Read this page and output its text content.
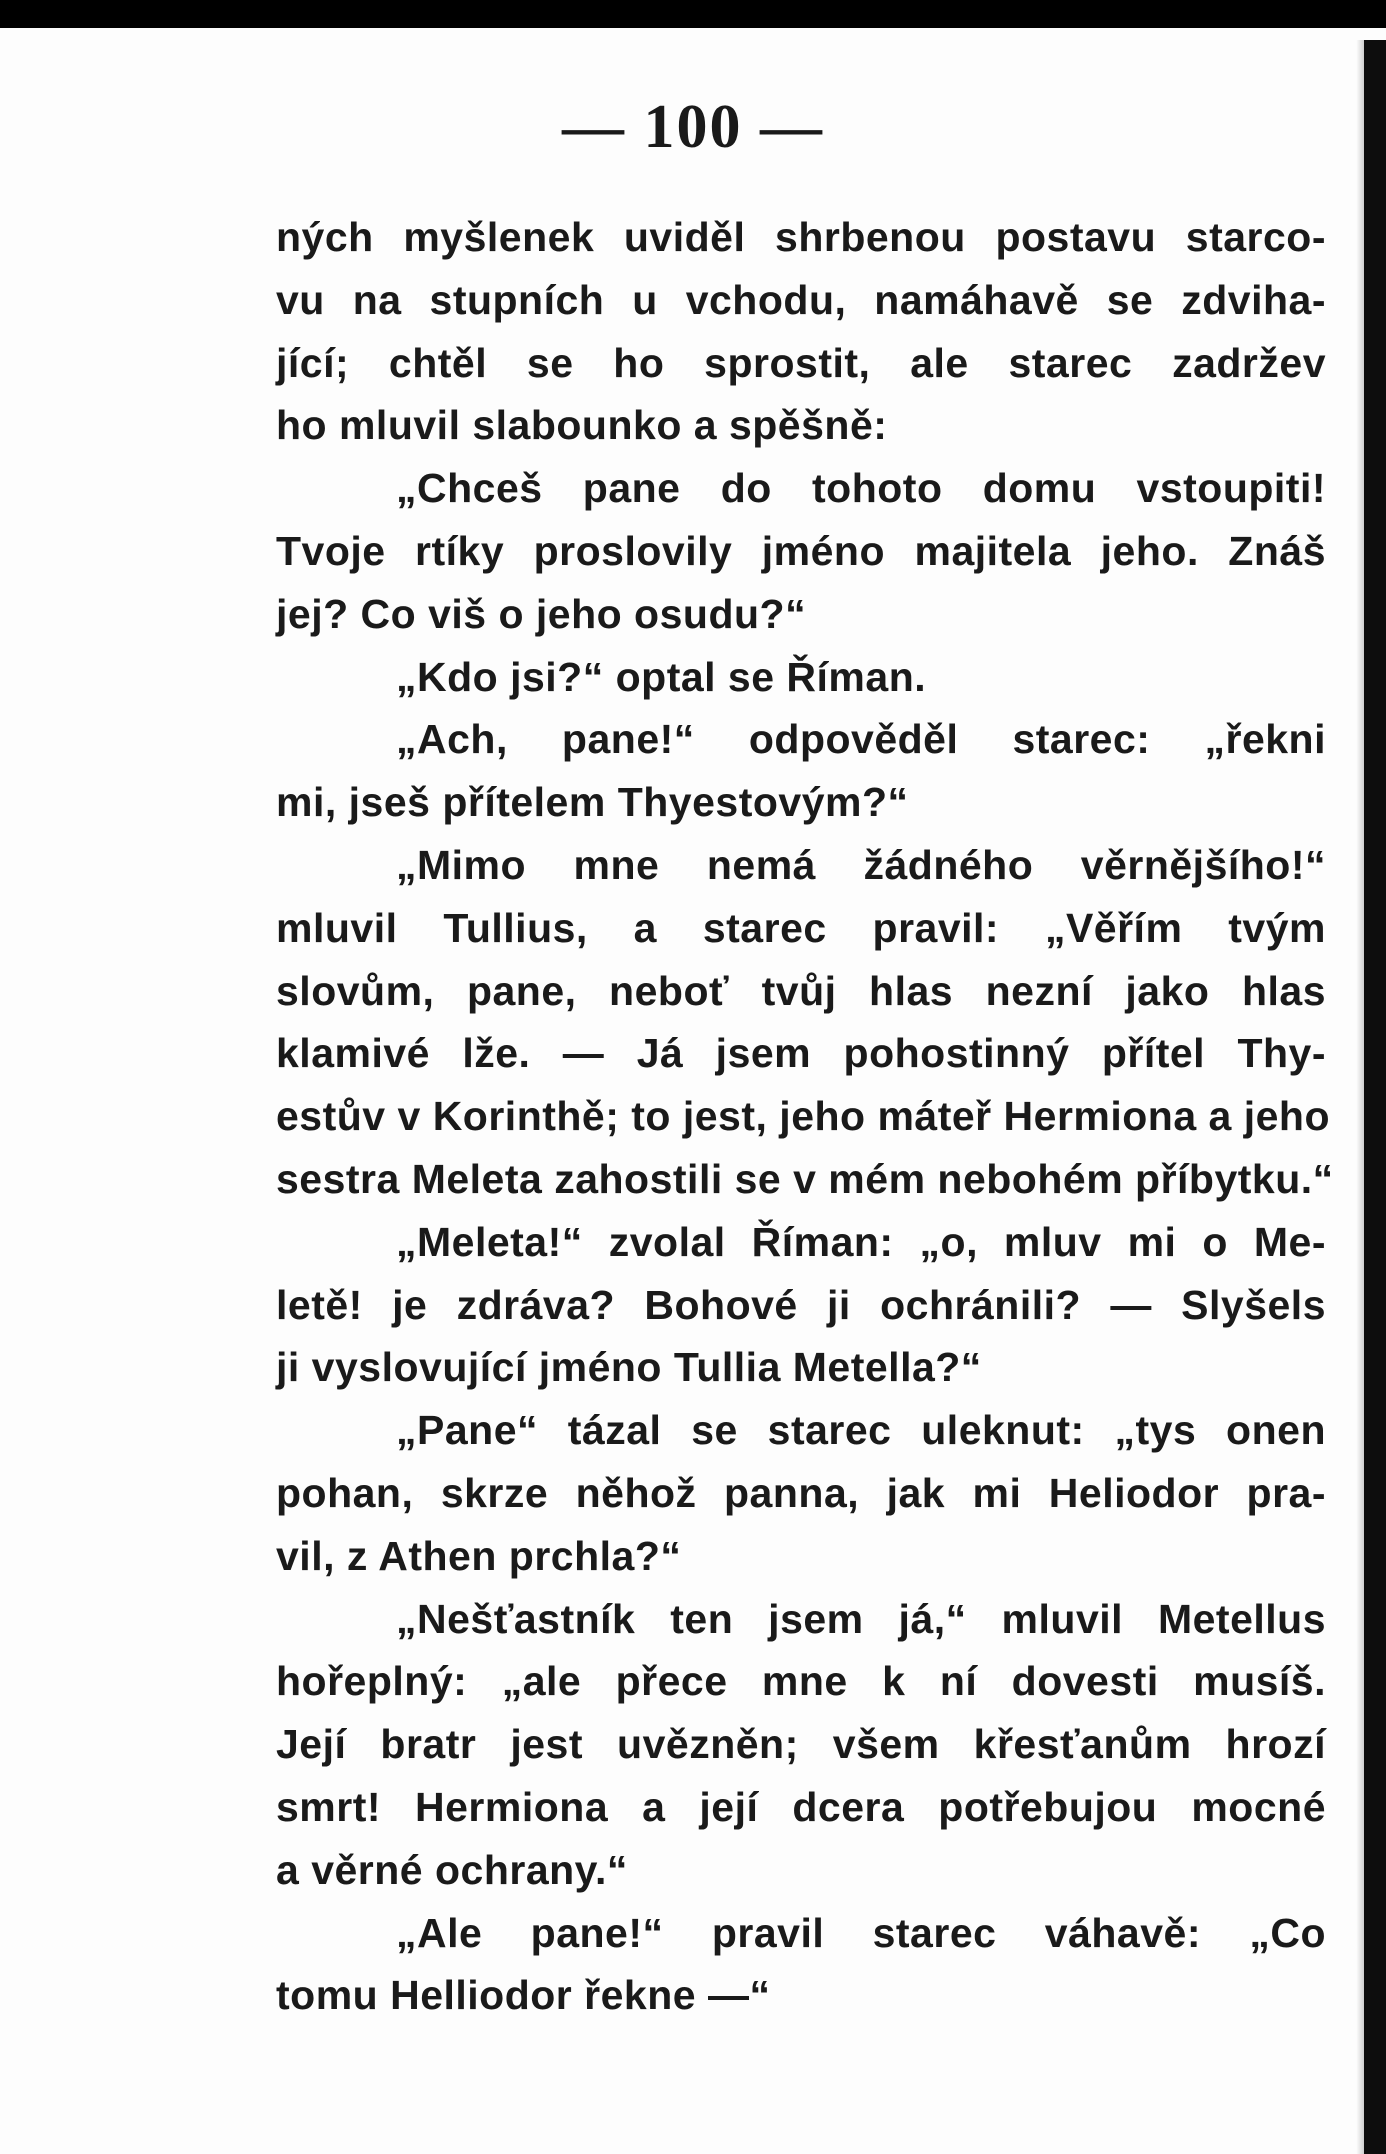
— 100 —
ných myšlenek uviděl shrbenou postavu starco-
vu na stupních u vchodu, namáhavě se zdviha-
jící; chtěl se ho sprostit, ale starec zadržev
ho mluvil slabounko a spěšně:
„Chceš pane do tohoto domu vstoupiti!
Tvoje rtíky proslovily jméno majitela jeho. Znáš
jej? Co viš o jeho osudu?“
„Kdo jsi?“ optal se Říman.
„Ach, pane!“ odpověděl starec: „řekni
mi, jseš přítelem Thyestovým?“
„Mimo mne nemá žádného věrnějšího!“
mluvil Tullius, a starec pravil: „Věřím tvým
slovům, pane, neboť tvůj hlas nezní jako hlas
klamivé lže. — Já jsem pohostinný přítel Thy-
estův v Korinthě; to jest, jeho máteř Hermiona a jeho
sestra Meleta zahostili se v mém nebohém příbytku.“
„Meleta!“ zvolal Říman: „o, mluv mi o Me-
letě! je zdráva? Bohové ji ochránili? — Slyšels
ji vyslovující jméno Tullia Metella?“
„Pane“ tázal se starec uleknut: „tys onen
pohan, skrze něhož panna, jak mi Heliodor pra-
vil, z Athen prchla?“
„Nešťastník ten jsem já,“ mluvil Metellus
hořeplný: „ale přece mne k ní dovesti musíš.
Její bratr jest uvězněn; všem křesťanům hrozí
smrt! Hermiona a její dcera potřebujou mocné
a věrné ochrany.“
„Ale pane!“ pravil starec váhavě: „Co
tomu Helliodor řekne —“
